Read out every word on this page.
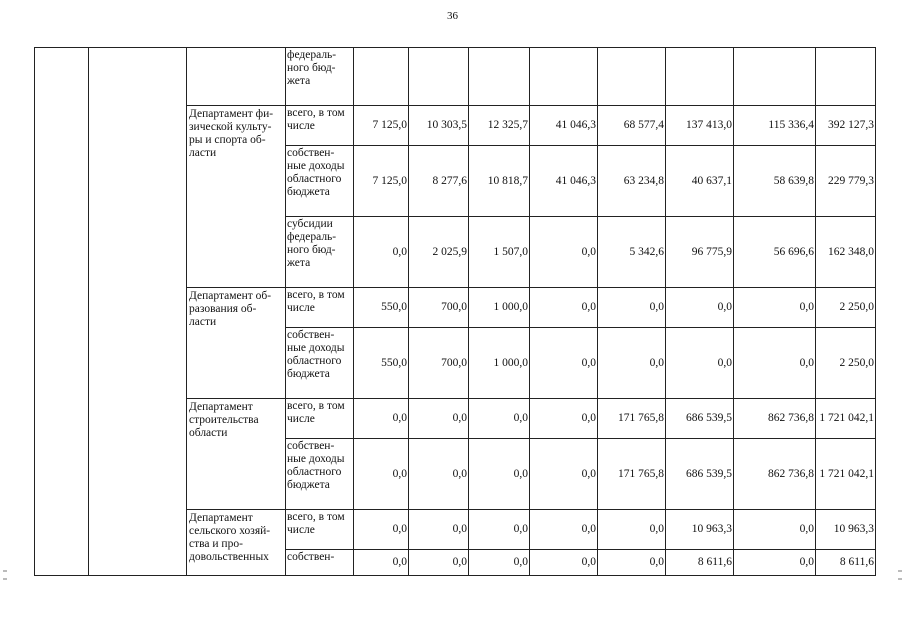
36
			федераль-
ного бюд-
жета								
		Департамент фи-
зической культу-
ры и спорта об-
ласти	всего, в том
числе	7 125,0	10 303,5	12 325,7	41 046,3	68 577,4	137 413,0	115 336,4	392 127,3
			собствен-
ные доходы
областного
бюджета	7 125,0	8 277,6	10 818,7	41 046,3	63 234,8	40 637,1	58 639,8	229 779,3
			субсидии
федераль-
ного бюд-
жета	0,0	2 025,9	1 507,0	0,0	5 342,6	96 775,9	56 696,6	162 348,0
		Департамент об-
разования об-
ласти	всего, в том
числе	550,0	700,0	1 000,0	0,0	0,0	0,0	0,0	2 250,0
			собствен-
ные доходы
областного
бюджета	550,0	700,0	1 000,0	0,0	0,0	0,0	0,0	2 250,0
		Департамент
строительства
области	всего, в том
числе	0,0	0,0	0,0	0,0	171 765,8	686 539,5	862 736,8	1 721 042,1
			собствен-
ные доходы
областного
бюджета	0,0	0,0	0,0	0,0	171 765,8	686 539,5	862 736,8	1 721 042,1
		Департамент
сельского хозяй-
ства и про-
довольственных	всего, в том
числе	0,0	0,0	0,0	0,0	0,0	10 963,3	0,0	10 963,3
			собствен-	0,0	0,0	0,0	0,0	0,0	8 611,6	0,0	8 611,6
